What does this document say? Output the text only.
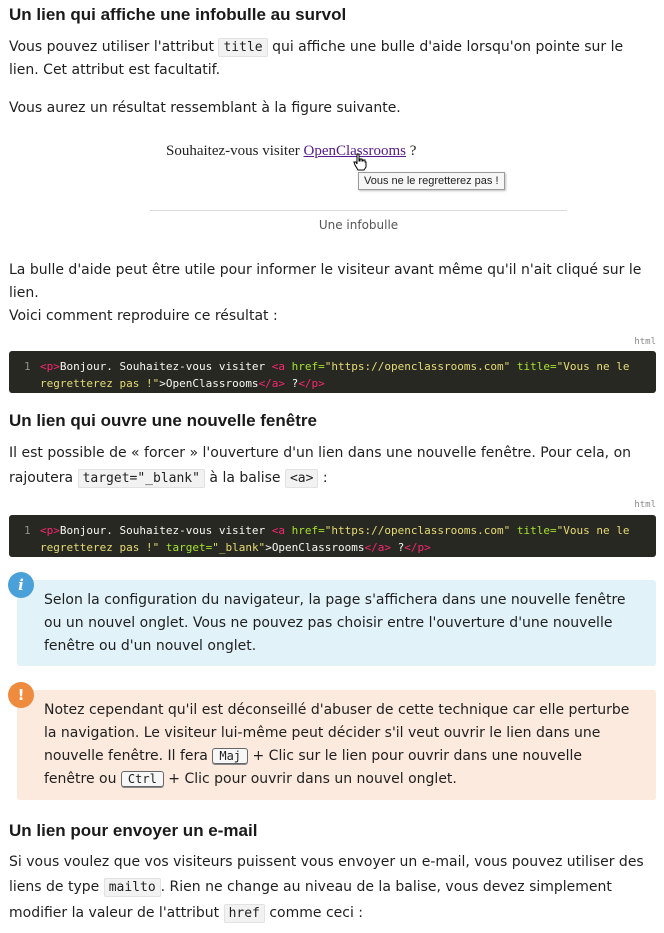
Un lien qui affiche une infobulle au survol
Vous pouvez utiliser l'attribut title qui affiche une bulle d'aide lorsqu'on pointe sur le
lien. Cet attribut est facultatif.
Vous aurez un résultat ressemblant à la figure suivante.
Souhaitez-vous visiter OpenClassrooms ?
Vous ne le regretterez pas !
Une infobulle
La bulle d'aide peut être utile pour informer le visiteur avant même qu'il n'ait cliqué sur le
lien.
Voici comment reproduire ce résultat :
html
1 <p>Bonjour. Souhaitez-vous visiter <a href="https://openclassrooms.com" title="Vous ne le
regretterez pas !">OpenClassrooms</a> ?</p>
Un lien qui ouvre une nouvelle fenêtre
Il est possible de « forcer » l'ouverture d'un lien dans une nouvelle fenêtre. Pour cela, on
rajoutera target="_blank" à la balise <a> :
html
1 <p>Bonjour. Souhaitez-vous visiter <a href="https://openclassrooms.com" title="Vous ne le
regretterez pas !" target="_blank">OpenClassrooms</a> ?</p>
Selon la configuration du navigateur, la page s'affichera dans une nouvelle fenêtre
ou un nouvel onglet. Vous ne pouvez pas choisir entre l'ouverture d'une nouvelle
fenêtre ou d'un nouvel onglet.
i
Notez cependant qu'il est déconseillé d'abuser de cette technique car elle perturbe
la navigation. Le visiteur lui-même peut décider s'il veut ouvrir le lien dans une
nouvelle fenêtre. Il fera Maj + Clic sur le lien pour ouvrir dans une nouvelle
fenêtre ou Ctrl + Clic pour ouvrir dans un nouvel onglet.
!
Un lien pour envoyer un e-mail
Si vous voulez que vos visiteurs puissent vous envoyer un e-mail, vous pouvez utiliser des
liens de type mailto . Rien ne change au niveau de la balise, vous devez simplement
modifier la valeur de l'attribut href comme ceci :
